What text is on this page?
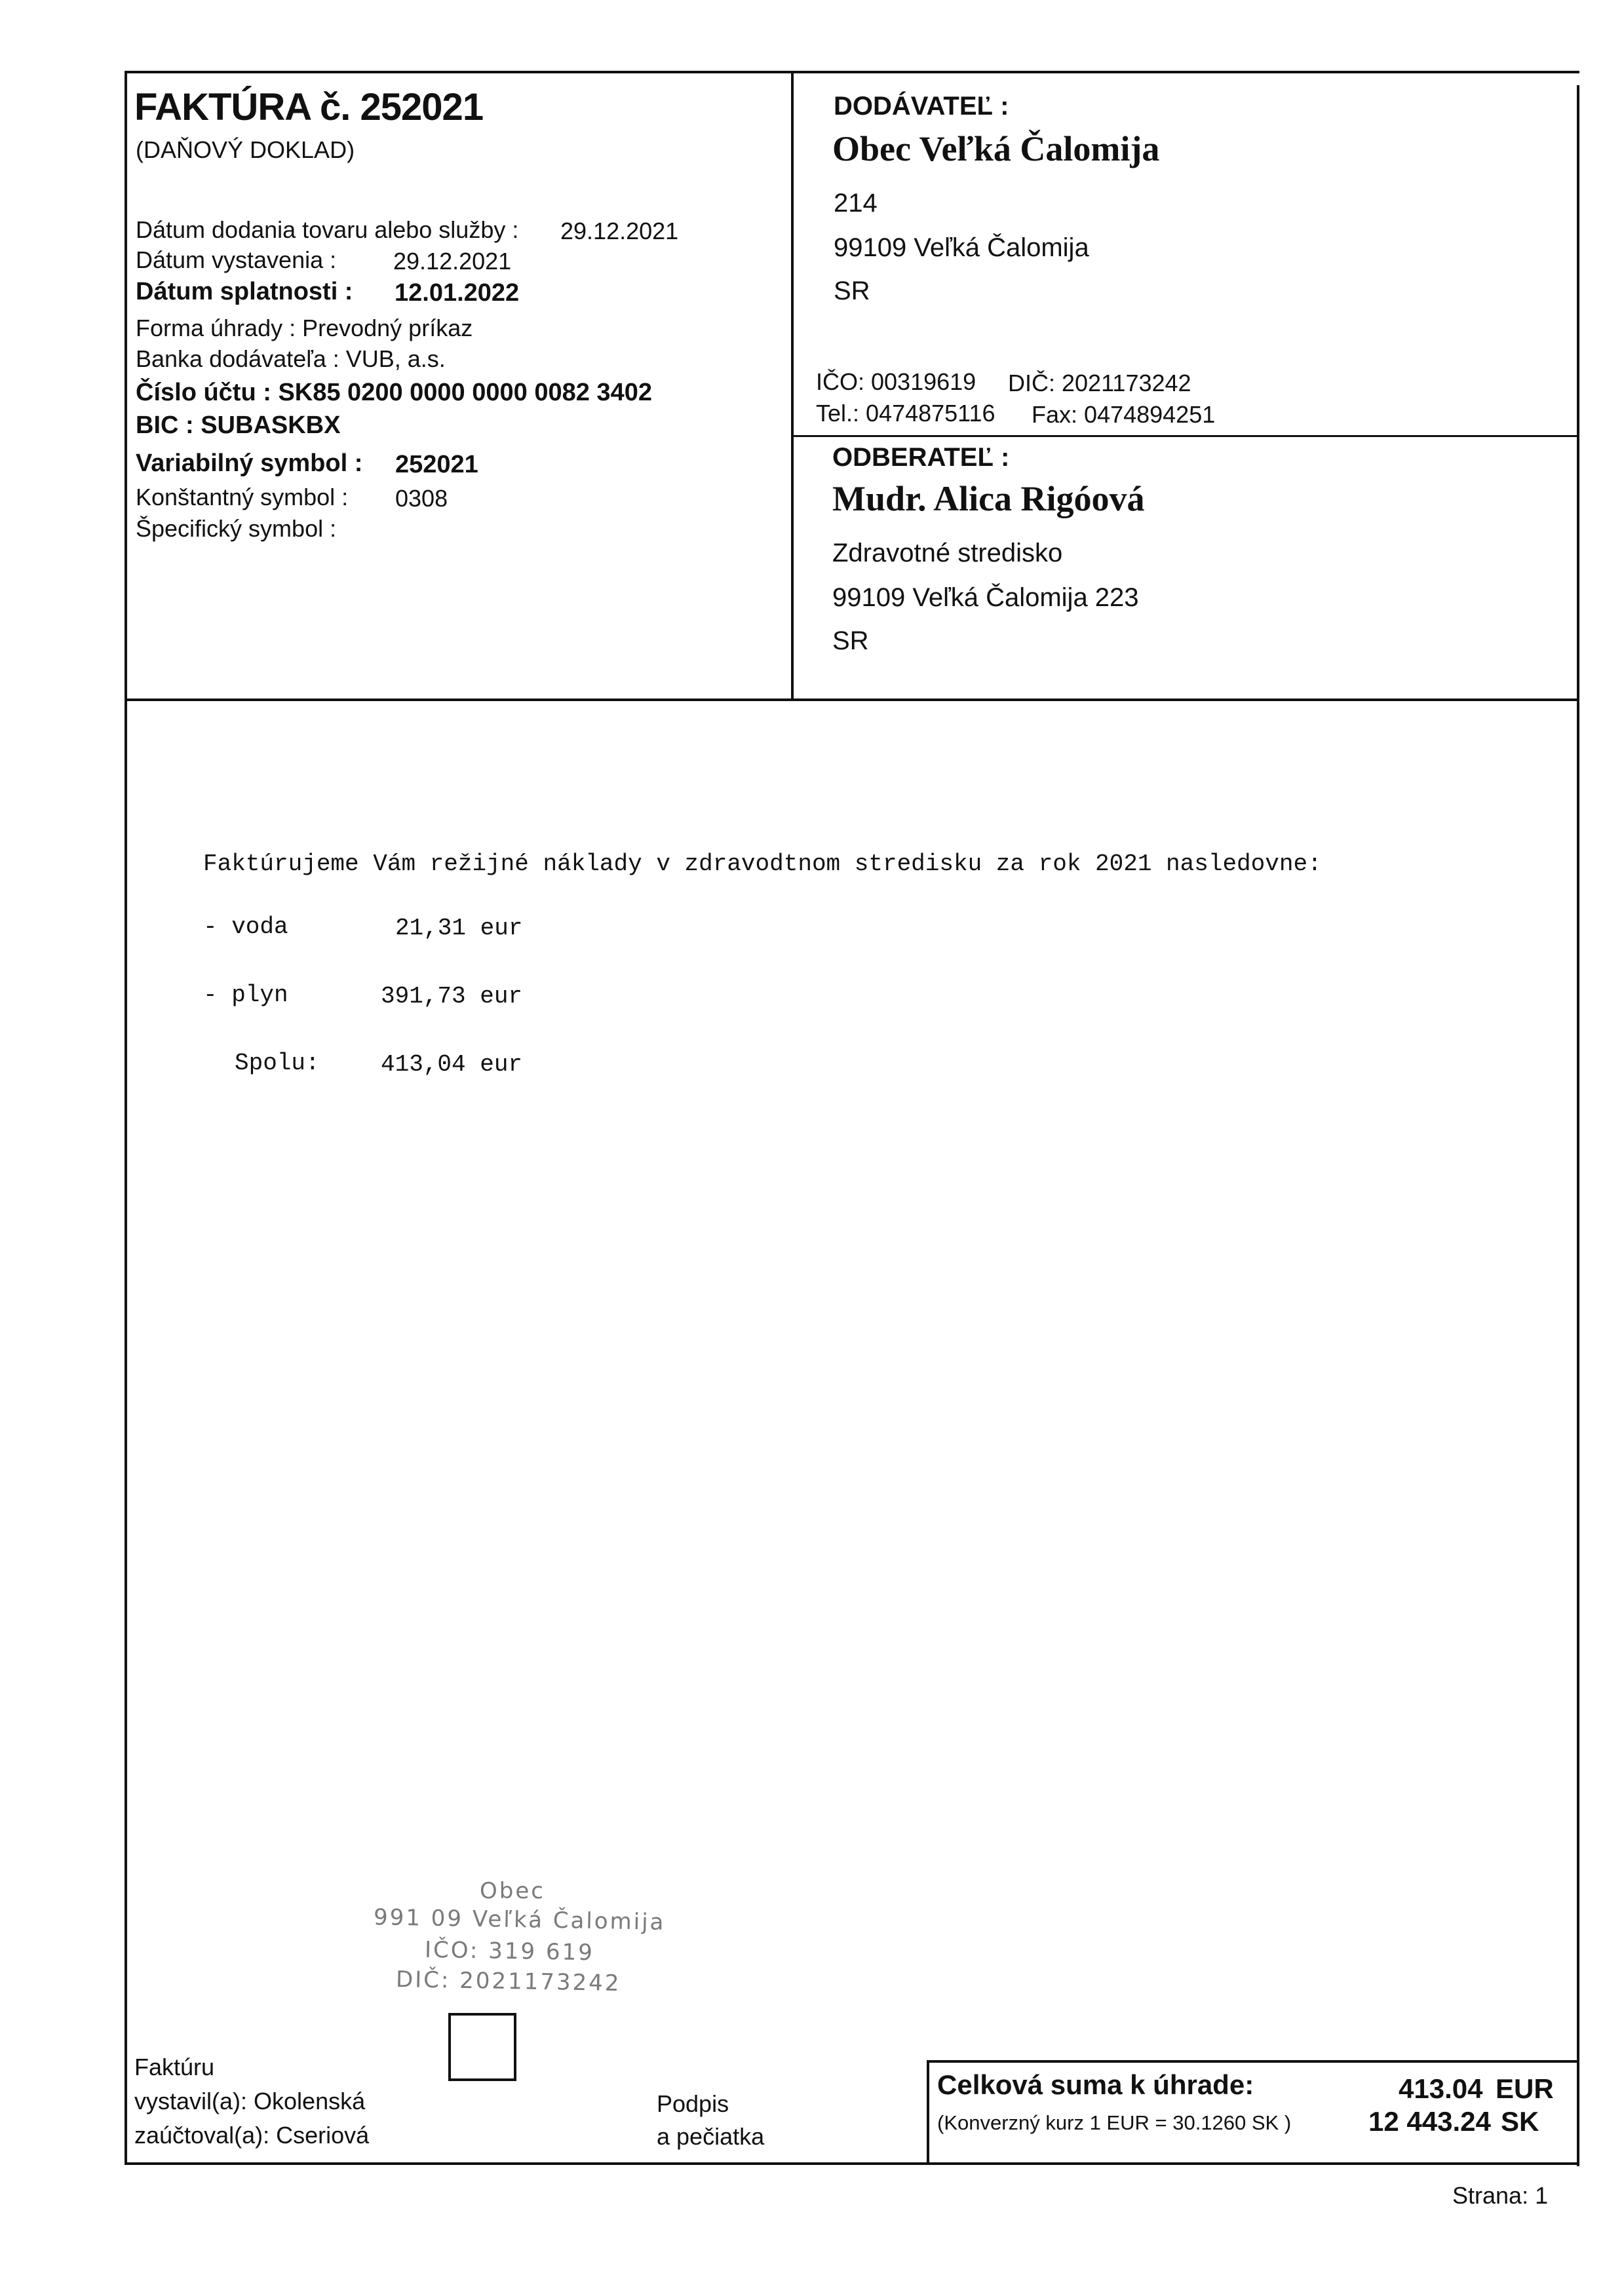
FAKTÚRA č. 252021
(DAŇOVÝ DOKLAD)
Dátum dodania tovaru alebo služby : 29.12.2021
Dátum vystavenia : 29.12.2021
Dátum splatnosti : 12.01.2022
Forma úhrady : Prevodný príkaz
Banka dodávateľa : VUB, a.s.
Číslo účtu : SK85 0200 0000 0000 0082 3402
BIC : SUBASKBX
Variabilný symbol : 252021
Konštantný symbol : 0308
Špecifický symbol :
DODÁVATEĽ :
Obec Veľká Čalomija
214
99109 Veľká Čalomija
SR
IČO: 00319619 DIČ: 2021173242
Tel.: 0474875116 Fax: 0474894251
ODBERATEĽ :
Mudr. Alica Rigóová
Zdravotné stredisko
99109 Veľká Čalomija 223
SR
Faktúrujeme Vám režijné náklady v zdravodtnom stredisku za rok 2021 nasledovne:
- voda	21,31 eur
- plyn	391,73 eur
Spolu:	413,04 eur
Obec
991 09 Veľká Čalomija
IČO: 319 619
DIČ: 2021173242
Faktúru
vystavil(a): Okolenská
zaúčtoval(a): Cseriová
Podpis
a pečiatka
Celková suma k úhrade:
(Konverzný kurz 1 EUR = 30.1260 SK )
413.04 EUR
12 443.24 SK
Strana: 1
